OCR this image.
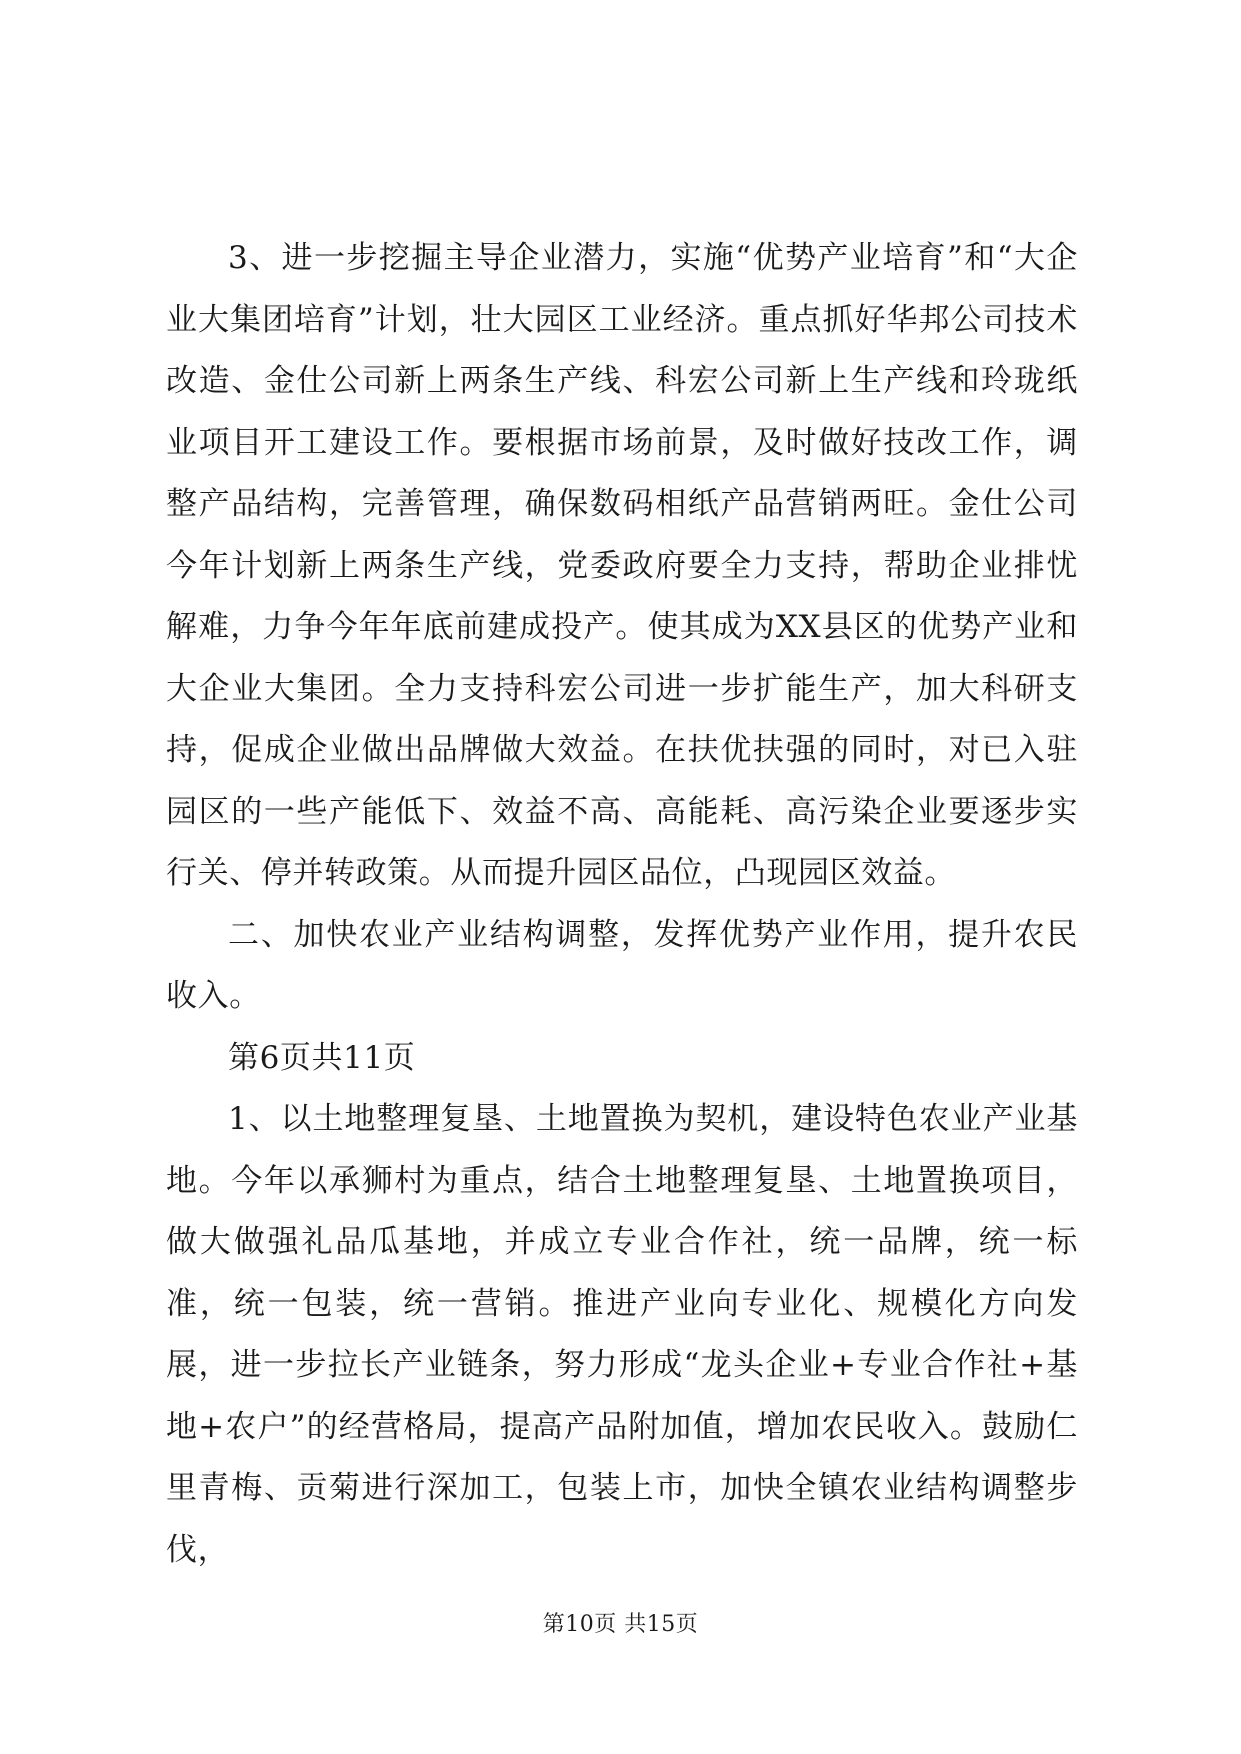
3、进一步挖掘主导企业潜力，实施“优势产业培育”和“大企业大集团培育”计划，壮大园区工业经济。重点抓好华邦公司技术改造、金仕公司新上两条生产线、科宏公司新上生产线和玲珑纸业项目开工建设工作。要根据市场前景，及时做好技改工作，调整产品结构，完善管理，确保数码相纸产品营销两旺。金仕公司今年计划新上两条生产线，党委政府要全力支持，帮助企业排忧解难，力争今年年底前建成投产。使其成为XX县区的优势产业和大企业大集团。全力支持科宏公司进一步扩能生产，加大科研支持，促成企业做出品牌做大效益。在扶优扶强的同时，对已入驻园区的一些产能低下、效益不高、高能耗、高污染企业要逐步实行关、停并转政策。从而提升园区品位，凸现园区效益。

二、加快农业产业结构调整，发挥优势产业作用，提升农民收入。

第6页共11页

1、以土地整理复垦、土地置换为契机，建设特色农业产业基地。今年以承狮村为重点，结合土地整理复垦、土地置换项目，做大做强礼品瓜基地，并成立专业合作社，统一品牌，统一标准，统一包装，统一营销。推进产业向专业化、规模化方向发展，进一步拉长产业链条，努力形成“龙头企业+专业合作社+基地+农户”的经营格局，提高产品附加值，增加农民收入。鼓励仁里青梅、贡菊进行深加工，包装上市，加快全镇农业结构调整步伐，

第10页 共15页
